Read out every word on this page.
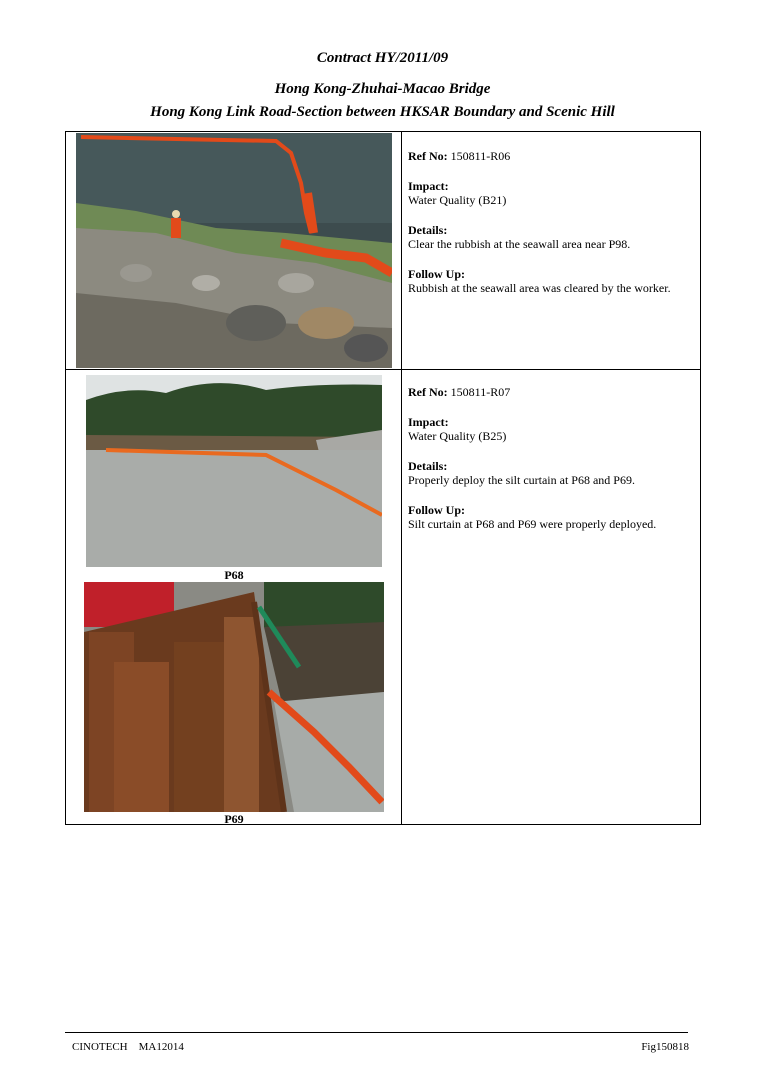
Contract HY/2011/09
Hong Kong-Zhuhai-Macao Bridge
Hong Kong Link Road-Section between HKSAR Boundary and Scenic Hill

Ref No: 150811-R06

Impact:
Water Quality (B21)

Details:
Clear the rubbish at the seawall area near P98.

Follow Up:
Rubbish at the seawall area was cleared by the worker.

P68
P69

Ref No: 150811-R07

Impact:
Water Quality (B25)

Details:
Properly deploy the silt curtain at P68 and P69.

Follow Up:
Silt curtain at P68 and P69 were properly deployed.

CINOTECH    MA12014	Fig150818
